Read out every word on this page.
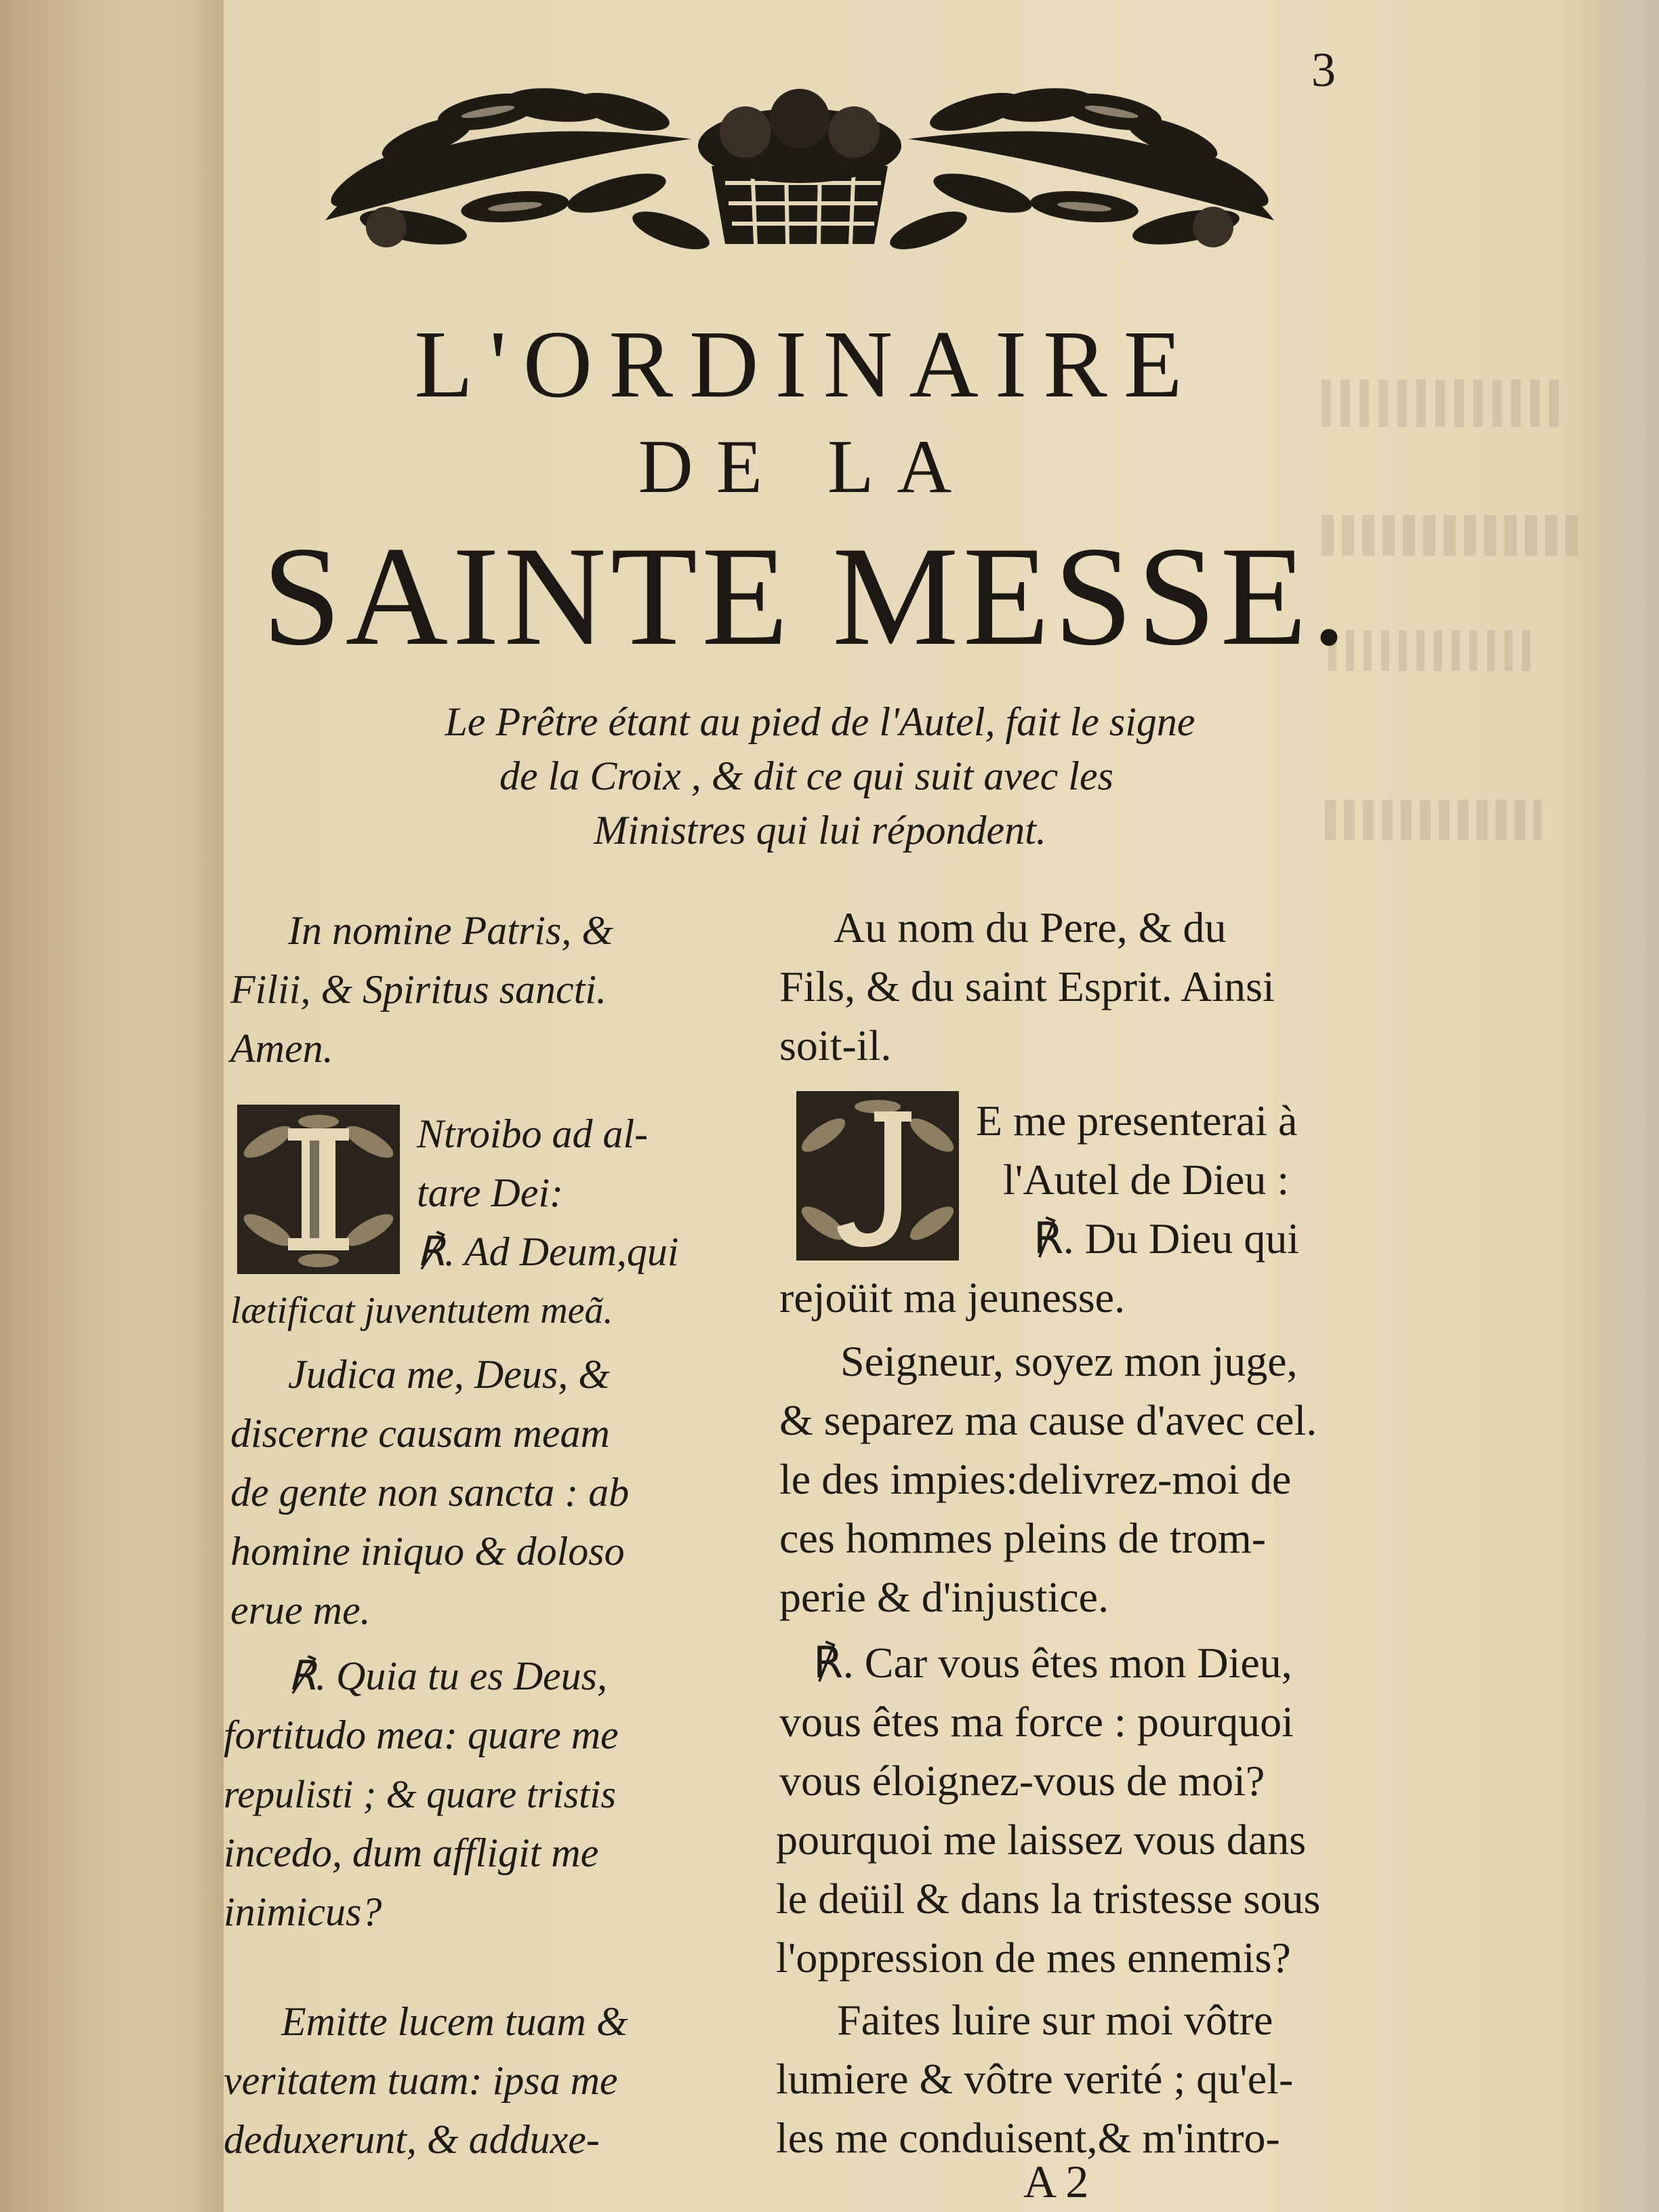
3
L'ORDINAIRE
DE LA
SAINTE MESSE.
Le Prêtre étant au pied de l'Autel, fait le signe
de la Croix , & dit ce qui suit avec les
Ministres qui lui répondent.
In nomine Patris, &
Filii, & Spiritus sancti.
Amen.
Ntroibo ad al-
tare Dei:
℟. Ad Deum,qui
lætificat juventutem meã.
Judica me, Deus, &
discerne causam meam
de gente non sancta : ab
homine iniquo & doloso
erue me.
℟. Quia tu es Deus,
fortitudo mea: quare me
repulisti ; & quare tristis
incedo, dum affligit me
inimicus?
Emitte lucem tuam &
veritatem tuam: ipsa me
deduxerunt, & adduxe-
Au nom du Pere, & du
Fils, & du saint Esprit. Ainsi
soit-il.
E me presenterai à
l'Autel de Dieu :
℟. Du Dieu qui
rejoüit ma jeunesse.
Seigneur, soyez mon juge,
& separez ma cause d'avec cel.
le des impies:delivrez-moi de
ces hommes pleins de trom-
perie & d'injustice.
℟. Car vous êtes mon Dieu,
vous êtes ma force : pourquoi
vous éloignez-vous de moi?
pourquoi me laissez vous dans
le deüil & dans la tristesse sous
l'oppression de mes ennemis?
Faites luire sur moi vôtre
lumiere & vôtre verité ; qu'el-
les me conduisent,& m'intro-
A 2
